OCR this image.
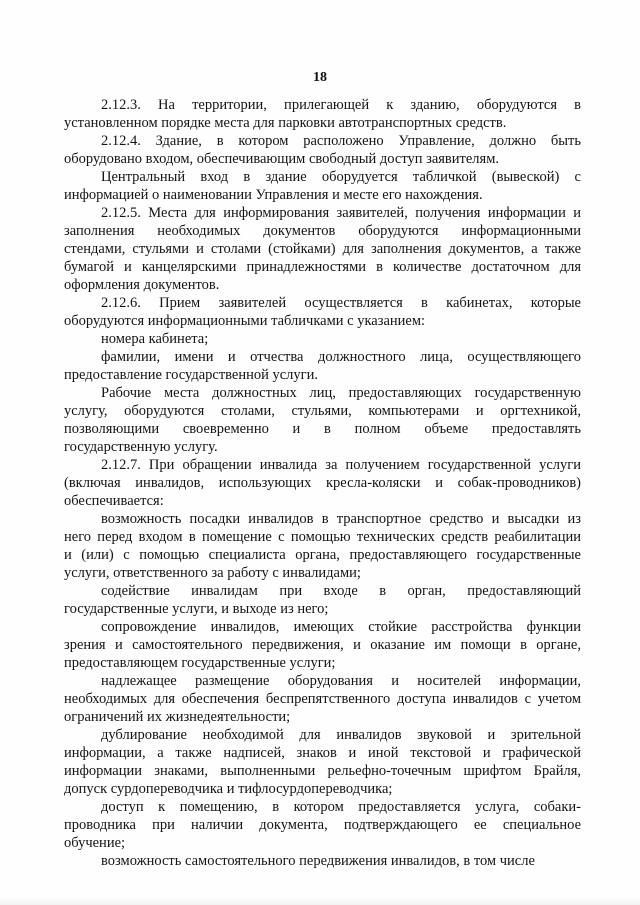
18
2.12.3. На территории, прилегающей к зданию, оборудуются в
установленном порядке места для парковки автотранспортных средств.
2.12.4. Здание, в котором расположено Управление, должно быть
оборудовано входом, обеспечивающим свободный доступ заявителям.
Центральный вход в здание оборудуется табличкой (вывеской) с
информацией о наименовании Управления и месте его нахождения.
2.12.5. Места для информирования заявителей, получения информации и
заполнения необходимых документов оборудуются информационными
стендами, стульями и столами (стойками) для заполнения документов, а также
бумагой и канцелярскими принадлежностями в количестве достаточном для
оформления документов.
2.12.6. Прием заявителей осуществляется в кабинетах, которые
оборудуются информационными табличками с указанием:
номера кабинета;
фамилии, имени и отчества должностного лица, осуществляющего
предоставление государственной услуги.
Рабочие места должностных лиц, предоставляющих государственную
услугу, оборудуются столами, стульями, компьютерами и оргтехникой,
позволяющими своевременно и в полном объеме предоставлять
государственную услугу.
2.12.7. При обращении инвалида за получением государственной услуги
(включая инвалидов, использующих кресла-коляски и собак-проводников)
обеспечивается:
возможность посадки инвалидов в транспортное средство и высадки из
него перед входом в помещение с помощью технических средств реабилитации
и (или) с помощью специалиста органа, предоставляющего государственные
услуги, ответственного за работу с инвалидами;
содействие инвалидам при входе в орган, предоставляющий
государственные услуги, и выходе из него;
сопровождение инвалидов, имеющих стойкие расстройства функции
зрения и самостоятельного передвижения, и оказание им помощи в органе,
предоставляющем государственные услуги;
надлежащее размещение оборудования и носителей информации,
необходимых для обеспечения беспрепятственного доступа инвалидов с учетом
ограничений их жизнедеятельности;
дублирование необходимой для инвалидов звуковой и зрительной
информации, а также надписей, знаков и иной текстовой и графической
информации знаками, выполненными рельефно-точечным шрифтом Брайля,
допуск сурдопереводчика и тифлосурдопереводчика;
доступ к помещению, в котором предоставляется услуга, собаки-
проводника при наличии документа, подтверждающего ее специальное
обучение;
возможность самостоятельного передвижения инвалидов, в том числе
